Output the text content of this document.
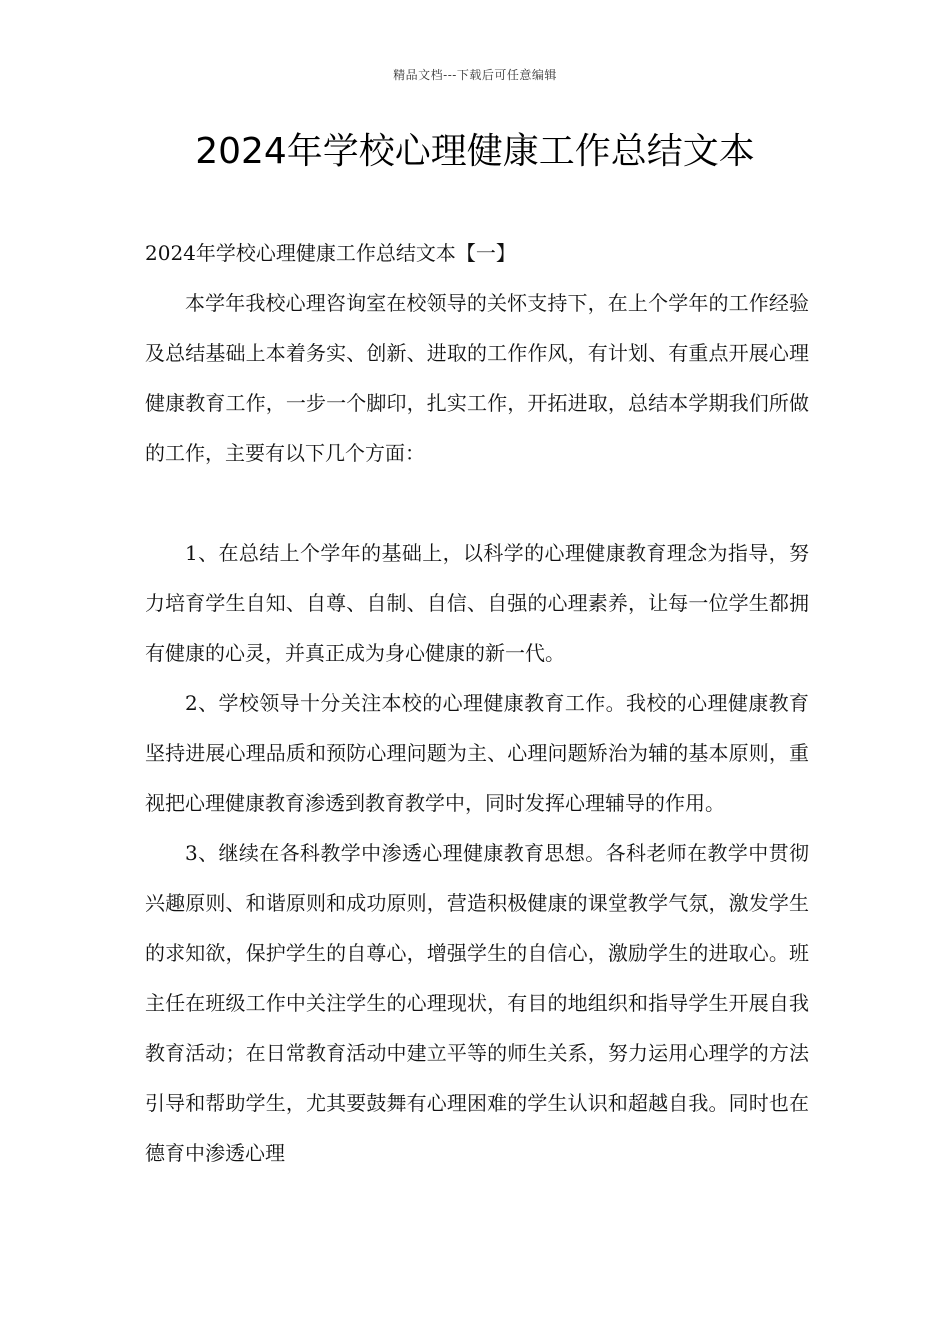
精品文档---下载后可任意编辑
2024年学校心理健康工作总结文本

2024年学校心理健康工作总结文本【一】

本学年我校心理咨询室在校领导的关怀支持下，在上个学年的工作经验及总结基础上本着务实、创新、进取的工作作风，有计划、有重点开展心理健康教育工作，一步一个脚印，扎实工作，开拓进取，总结本学期我们所做的工作，主要有以下几个方面：

1、在总结上个学年的基础上，以科学的心理健康教育理念为指导，努力培育学生自知、自尊、自制、自信、自强的心理素养，让每一位学生都拥有健康的心灵，并真正成为身心健康的新一代。

2、学校领导十分关注本校的心理健康教育工作。我校的心理健康教育坚持进展心理品质和预防心理问题为主、心理问题矫治为辅的基本原则，重视把心理健康教育渗透到教育教学中，同时发挥心理辅导的作用。

3、继续在各科教学中渗透心理健康教育思想。各科老师在教学中贯彻兴趣原则、和谐原则和成功原则，营造积极健康的课堂教学气氛，激发学生的求知欲，保护学生的自尊心，增强学生的自信心，激励学生的进取心。班主任在班级工作中关注学生的心理现状，有目的地组织和指导学生开展自我教育活动；在日常教育活动中建立平等的师生关系，努力运用心理学的方法引导和帮助学生，尤其要鼓舞有心理困难的学生认识和超越自我。同时也在德育中渗透心理
